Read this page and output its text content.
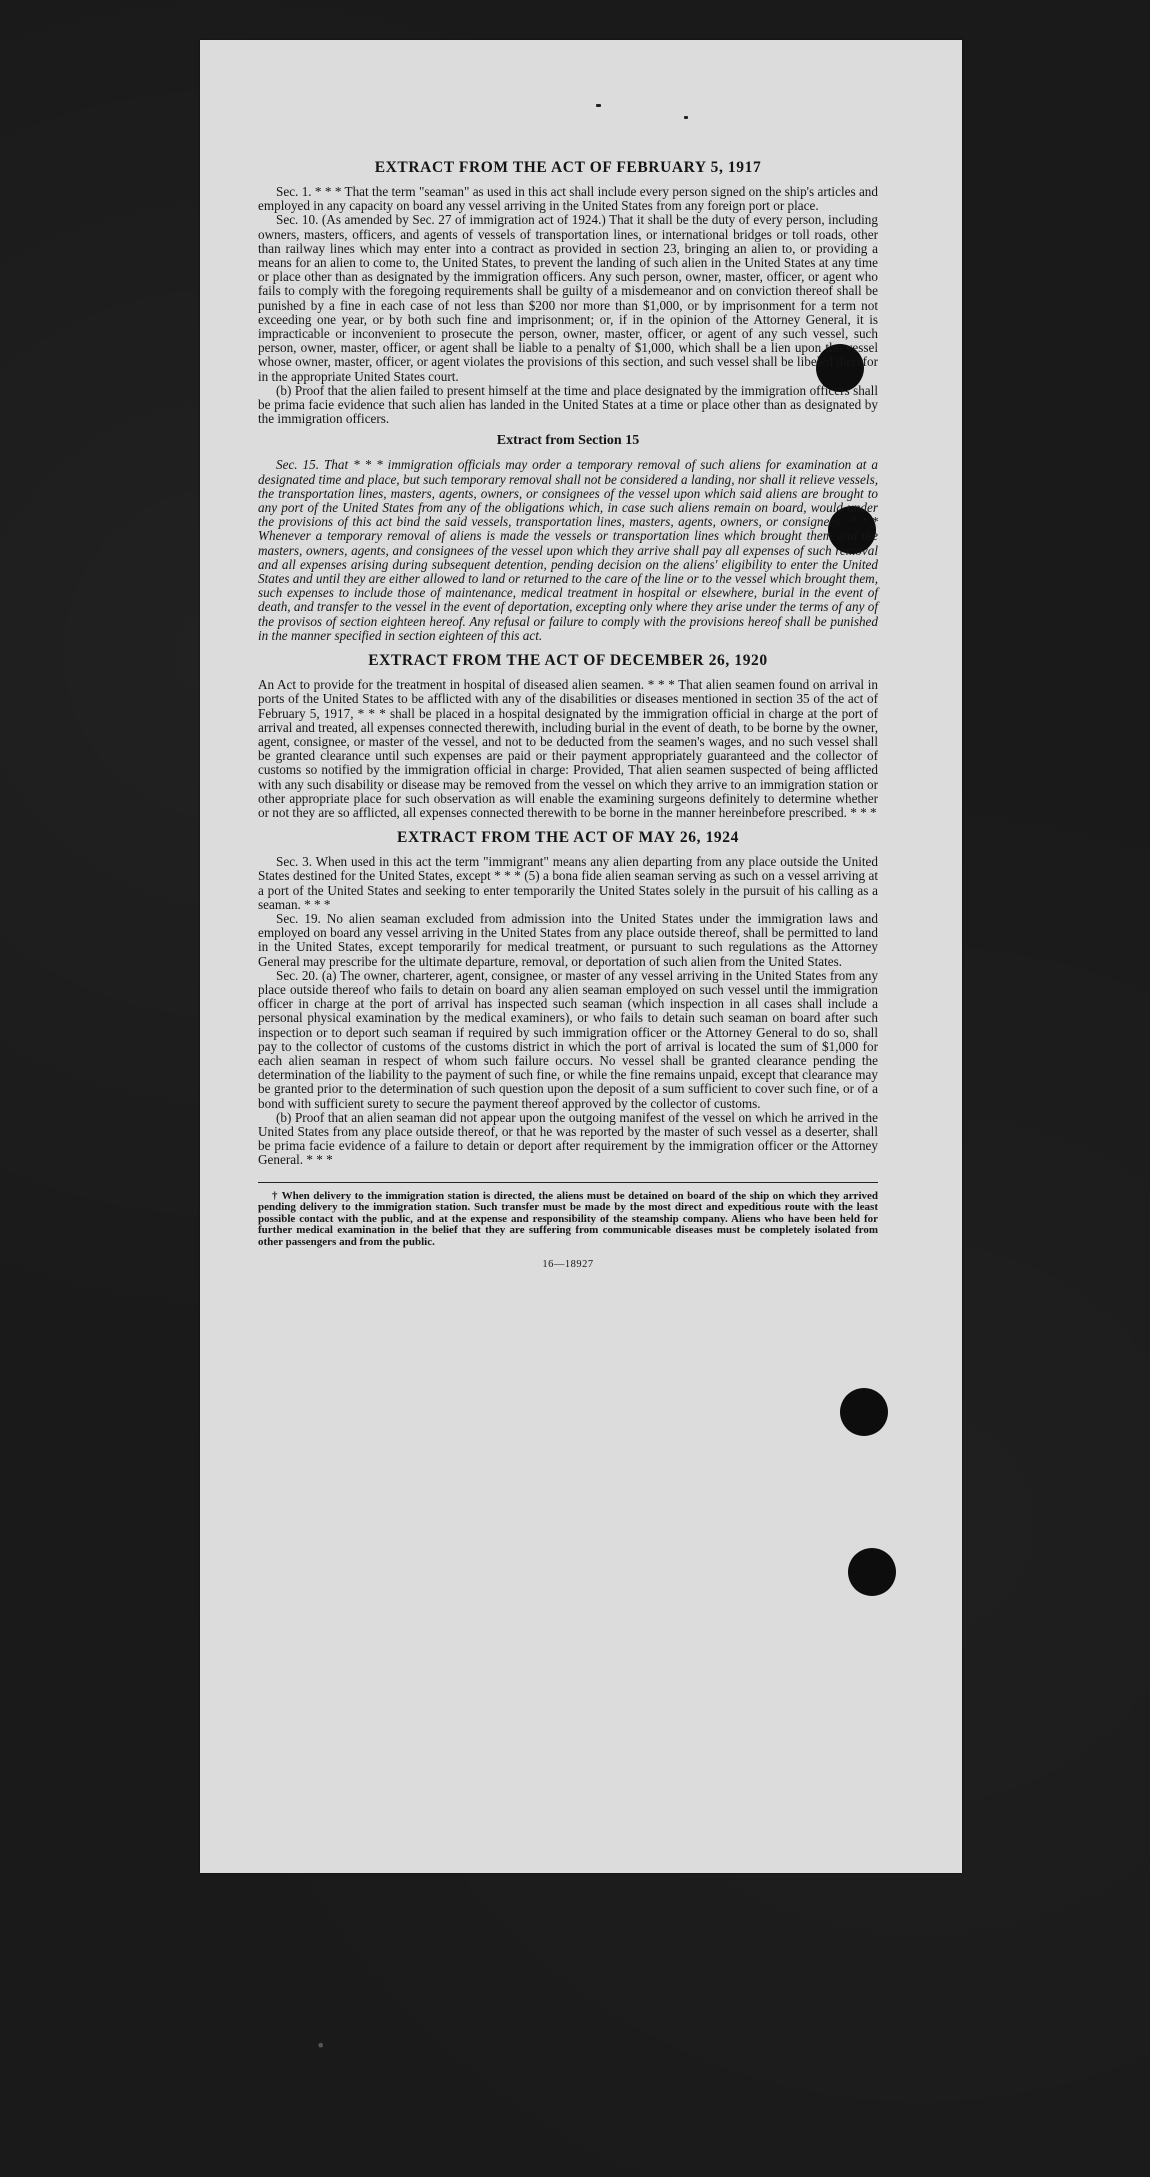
EXTRACT FROM THE ACT OF FEBRUARY 5, 1917

Sec. 1. * * * That the term "seaman" as used in this act shall include every person signed on the ship's articles and employed in any capacity on board any vessel arriving in the United States from any foreign port or place.

Sec. 10. (As amended by Sec. 27 of immigration act of 1924.) That it shall be the duty of every person, including owners, masters, officers, and agents of vessels of transportation lines, or international bridges or toll roads, other than railway lines which may enter into a contract as provided in section 23, bringing an alien to, or providing a means for an alien to come to, the United States, to prevent the landing of such alien in the United States at any time or place other than as designated by the immigration officers. Any such person, owner, master, officer, or agent who fails to comply with the foregoing requirements shall be guilty of a misdemeanor and on conviction thereof shall be punished by a fine in each case of not less than $200 nor more than $1,000, or by imprisonment for a term not exceeding one year, or by both such fine and imprisonment; or, if in the opinion of the Attorney General, it is impracticable or inconvenient to prosecute the person, owner, master, officer, or agent of any such vessel, such person, owner, master, officer, or agent shall be liable to a penalty of $1,000, which shall be a lien upon the vessel whose owner, master, officer, or agent violates the provisions of this section, and such vessel shall be libeled therefor in the appropriate United States court.

(b) Proof that the alien failed to present himself at the time and place designated by the immigration officers shall be prima facie evidence that such alien has landed in the United States at a time or place other than as designated by the immigration officers.

Extract from Section 15

Sec. 15. That * * * immigration officials may order a temporary removal of such aliens for examination at a designated time and place, but such temporary removal shall not be considered a landing, nor shall it relieve vessels, the transportation lines, masters, agents, owners, or consignees of the vessel upon which said aliens are brought to any port of the United States from any of the obligations which, in case such aliens remain on board, would under the provisions of this act bind the said vessels, transportation lines, masters, agents, owners, or consignees: * * * Whenever a temporary removal of aliens is made the vessels or transportation lines which brought them and the masters, owners, agents, and consignees of the vessel upon which they arrive shall pay all expenses of such removal and all expenses arising during subsequent detention, pending decision on the aliens' eligibility to enter the United States and until they are either allowed to land or returned to the care of the line or to the vessel which brought them, such expenses to include those of maintenance, medical treatment in hospital or elsewhere, burial in the event of death, and transfer to the vessel in the event of deportation, excepting only where they arise under the terms of any of the provisos of section eighteen hereof. Any refusal or failure to comply with the provisions hereof shall be punished in the manner specified in section eighteen of this act.

EXTRACT FROM THE ACT OF DECEMBER 26, 1920

An Act to provide for the treatment in hospital of diseased alien seamen. * * * That alien seamen found on arrival in ports of the United States to be afflicted with any of the disabilities or diseases mentioned in section 35 of the act of February 5, 1917, * * * shall be placed in a hospital designated by the immigration official in charge at the port of arrival and treated, all expenses connected therewith, including burial in the event of death, to be borne by the owner, agent, consignee, or master of the vessel, and not to be deducted from the seamen's wages, and no such vessel shall be granted clearance until such expenses are paid or their payment appropriately guaranteed and the collector of customs so notified by the immigration official in charge: Provided, That alien seamen suspected of being afflicted with any such disability or disease may be removed from the vessel on which they arrive to an immigration station or other appropriate place for such observation as will enable the examining surgeons definitely to determine whether or not they are so afflicted, all expenses connected therewith to be borne in the manner hereinbefore prescribed. * * *

EXTRACT FROM THE ACT OF MAY 26, 1924

Sec. 3. When used in this act the term "immigrant" means any alien departing from any place outside the United States destined for the United States, except * * * (5) a bona fide alien seaman serving as such on a vessel arriving at a port of the United States and seeking to enter temporarily the United States solely in the pursuit of his calling as a seaman. * * *

Sec. 19. No alien seaman excluded from admission into the United States under the immigration laws and employed on board any vessel arriving in the United States from any place outside thereof, shall be permitted to land in the United States, except temporarily for medical treatment, or pursuant to such regulations as the Attorney General may prescribe for the ultimate departure, removal, or deportation of such alien from the United States.

Sec. 20. (a) The owner, charterer, agent, consignee, or master of any vessel arriving in the United States from any place outside thereof who fails to detain on board any alien seaman employed on such vessel until the immigration officer in charge at the port of arrival has inspected such seaman (which inspection in all cases shall include a personal physical examination by the medical examiners), or who fails to detain such seaman on board after such inspection or to deport such seaman if required by such immigration officer or the Attorney General to do so, shall pay to the collector of customs of the customs district in which the port of arrival is located the sum of $1,000 for each alien seaman in respect of whom such failure occurs. No vessel shall be granted clearance pending the determination of the liability to the payment of such fine, or while the fine remains unpaid, except that clearance may be granted prior to the determination of such question upon the deposit of a sum sufficient to cover such fine, or of a bond with sufficient surety to secure the payment thereof approved by the collector of customs.

(b) Proof that an alien seaman did not appear upon the outgoing manifest of the vessel on which he arrived in the United States from any place outside thereof, or that he was reported by the master of such vessel as a deserter, shall be prima facie evidence of a failure to detain or deport after requirement by the immigration officer or the Attorney General. * * *

† When delivery to the immigration station is directed, the aliens must be detained on board of the ship on which they arrived pending delivery to the immigration station. Such transfer must be made by the most direct and expeditious route with the least possible contact with the public, and at the expense and responsibility of the steamship company. Aliens who have been held for further medical examination in the belief that they are suffering from communicable diseases must be completely isolated from other passengers and from the public.

16—18927
•
